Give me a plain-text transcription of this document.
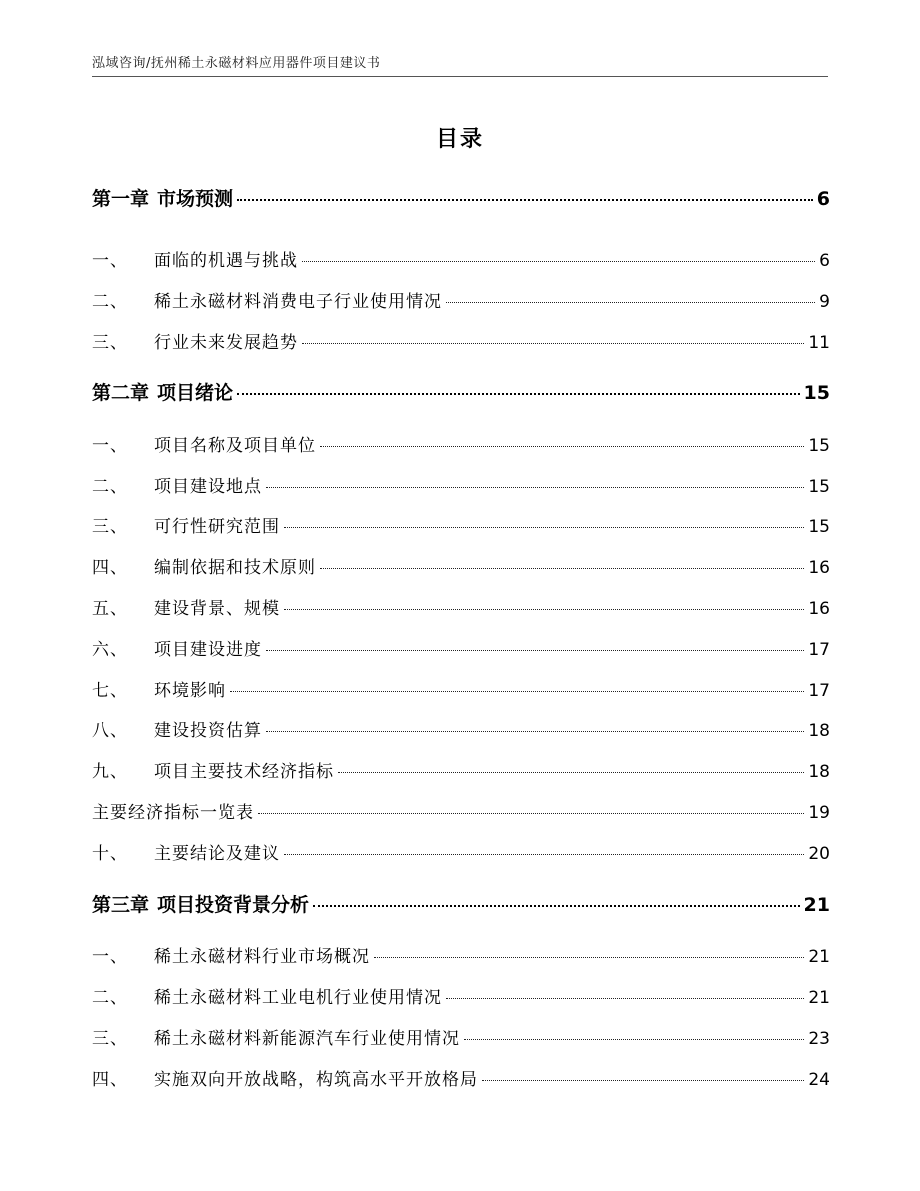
泓域咨询/抚州稀土永磁材料应用器件项目建议书
目录
第一章 市场预测	6
一、	面临的机遇与挑战	6
二、	稀土永磁材料消费电子行业使用情况	9
三、	行业未来发展趋势	11
第二章 项目绪论	15
一、	项目名称及项目单位	15
二、	项目建设地点	15
三、	可行性研究范围	15
四、	编制依据和技术原则	16
五、	建设背景、规模	16
六、	项目建设进度	17
七、	环境影响	17
八、	建设投资估算	18
九、	项目主要技术经济指标	18
主要经济指标一览表	19
十、	主要结论及建议	20
第三章 项目投资背景分析	21
一、	稀土永磁材料行业市场概况	21
二、	稀土永磁材料工业电机行业使用情况	21
三、	稀土永磁材料新能源汽车行业使用情况	23
四、	实施双向开放战略，构筑高水平开放格局	24
